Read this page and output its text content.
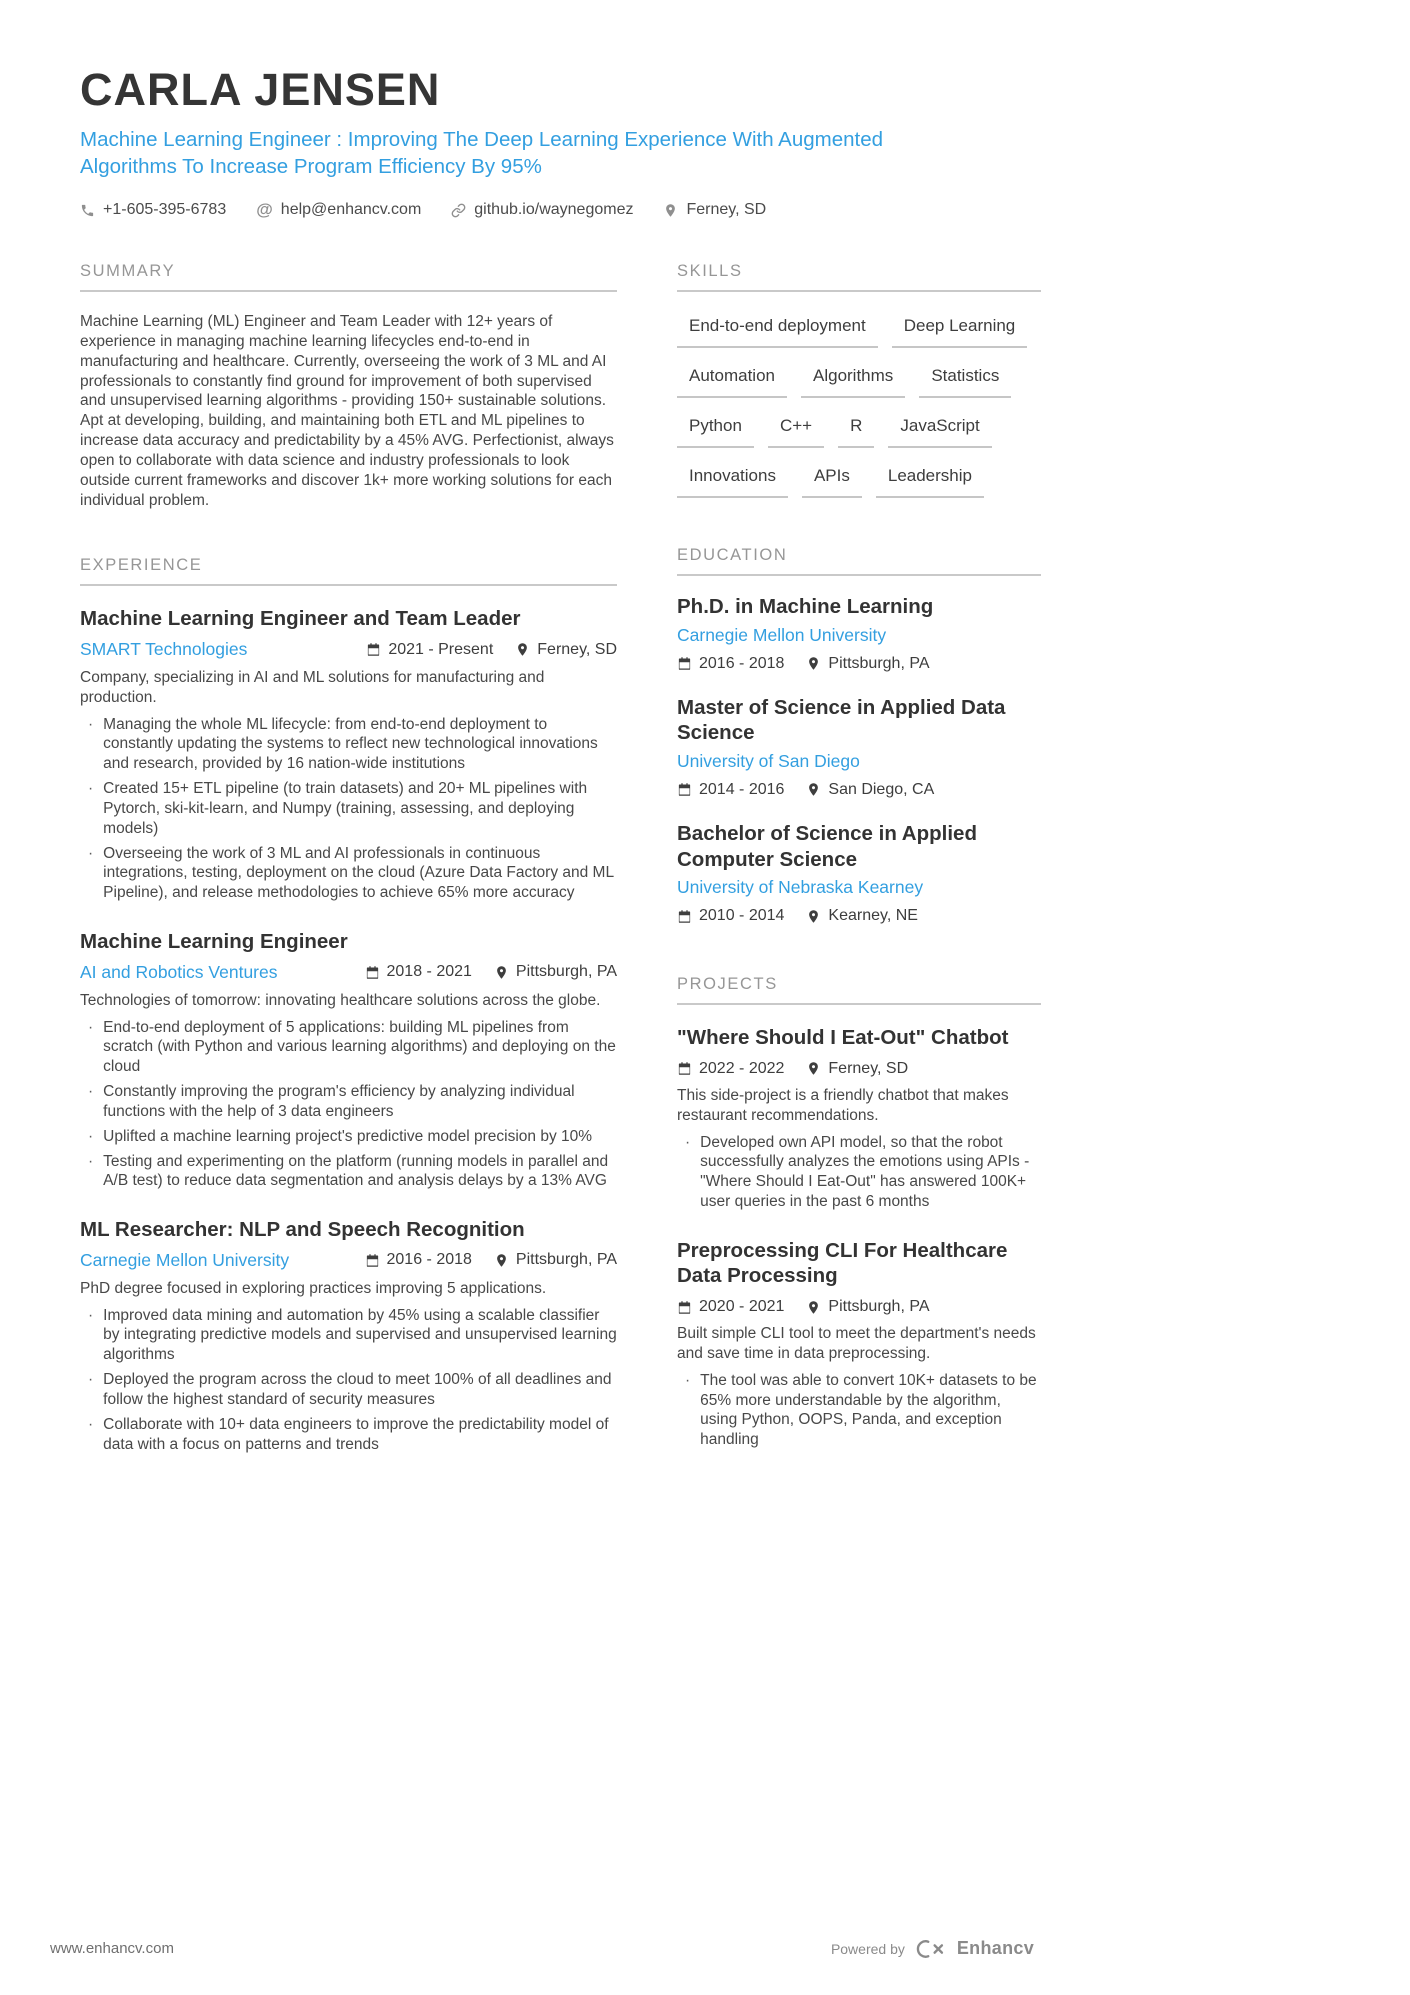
CARLA JENSEN
Machine Learning Engineer : Improving The Deep Learning Experience With Augmented Algorithms To Increase Program Efficiency By 95%
+1-605-395-6783 @ help@enhancv.com	github.io/waynegomez	Ferney, SD
SUMMARY

Machine Learning (ML) Engineer and Team Leader with 12+ years of experience in managing machine learning lifecycles end-to-end in manufacturing and healthcare. Currently, overseeing the work of 3 ML and AI professionals to constantly find ground for improvement of both supervised and unsupervised learning algorithms - providing 150+ sustainable solutions. Apt at developing, building, and maintaining both ETL and ML pipelines to increase data accuracy and predictability by a 45% AVG. Perfectionist, always open to collaborate with data science and industry professionals to look outside current frameworks and discover 1k+ more working solutions for each individual problem.

EXPERIENCE
Machine Learning Engineer and Team Leader
SMART Technologies	2021 - Present	Ferney, SD

Company, specializing in AI and ML solutions for manufacturing and production.

· Managing the whole ML lifecycle: from end-to-end deployment to constantly updating the systems to reflect new technological innovations and research, provided by 16 nation-wide institutions
· Created 15+ ETL pipeline (to train datasets) and 20+ ML pipelines with Pytorch, ski-kit-learn, and Numpy (training, assessing, and deploying models)
· Overseeing the work of 3 ML and AI professionals in continuous integrations, testing, deployment on the cloud (Azure Data Factory and ML Pipeline), and release methodologies to achieve 65% more accuracy
Machine Learning Engineer
AI and Robotics Ventures	2018 - 2021	Pittsburgh, PA

Technologies of tomorrow: innovating healthcare solutions across the globe.

· End-to-end deployment of 5 applications: building ML pipelines from scratch (with Python and various learning algorithms) and deploying on the cloud
· Constantly improving the program's efficiency by analyzing individual functions with the help of 3 data engineers
· Uplifted a machine learning project's predictive model precision by 10%
· Testing and experimenting on the platform (running models in parallel and A/B test) to reduce data segmentation and analysis delays by a 13% AVG
ML Researcher: NLP and Speech Recognition
Carnegie Mellon University	2016 - 2018	Pittsburgh, PA

PhD degree focused in exploring practices improving 5 applications.

· Improved data mining and automation by 45% using a scalable classifier by integrating predictive models and supervised and unsupervised learning algorithms
· Deployed the program across the cloud to meet 100% of all deadlines and follow the highest standard of security measures
· Collaborate with 10+ data engineers to improve the predictability model of data with a focus on patterns and trends
SKILLS
End-to-end deployment	Deep Learning
Automation	Algorithms	Statistics
Python	C++	R	JavaScript
Innovations	APIs	Leadership
EDUCATION
Ph.D. in Machine Learning
Carnegie Mellon University
2016 - 2018	Pittsburgh, PA
Master of Science in Applied Data Science
University of San Diego
2014 - 2016	San Diego, CA
Bachelor of Science in Applied Computer Science
University of Nebraska Kearney
2010 - 2014	Kearney, NE
PROJECTS
"Where Should I Eat-Out" Chatbot
2022 - 2022	Ferney, SD

This side-project is a friendly chatbot that makes restaurant recommendations.

· Developed own API model, so that the robot successfully analyzes the emotions using APIs - "Where Should I Eat-Out" has answered 100K+ user queries in the past 6 months
Preprocessing CLI For Healthcare Data Processing
2020 - 2021	Pittsburgh, PA

Built simple CLI tool to meet the department's needs and save time in data preprocessing.

· The tool was able to convert 10K+ datasets to be 65% more understandable by the algorithm, using Python, OOPS, Panda, and exception handling
www.enhancv.com	Powered by	Enhancv
